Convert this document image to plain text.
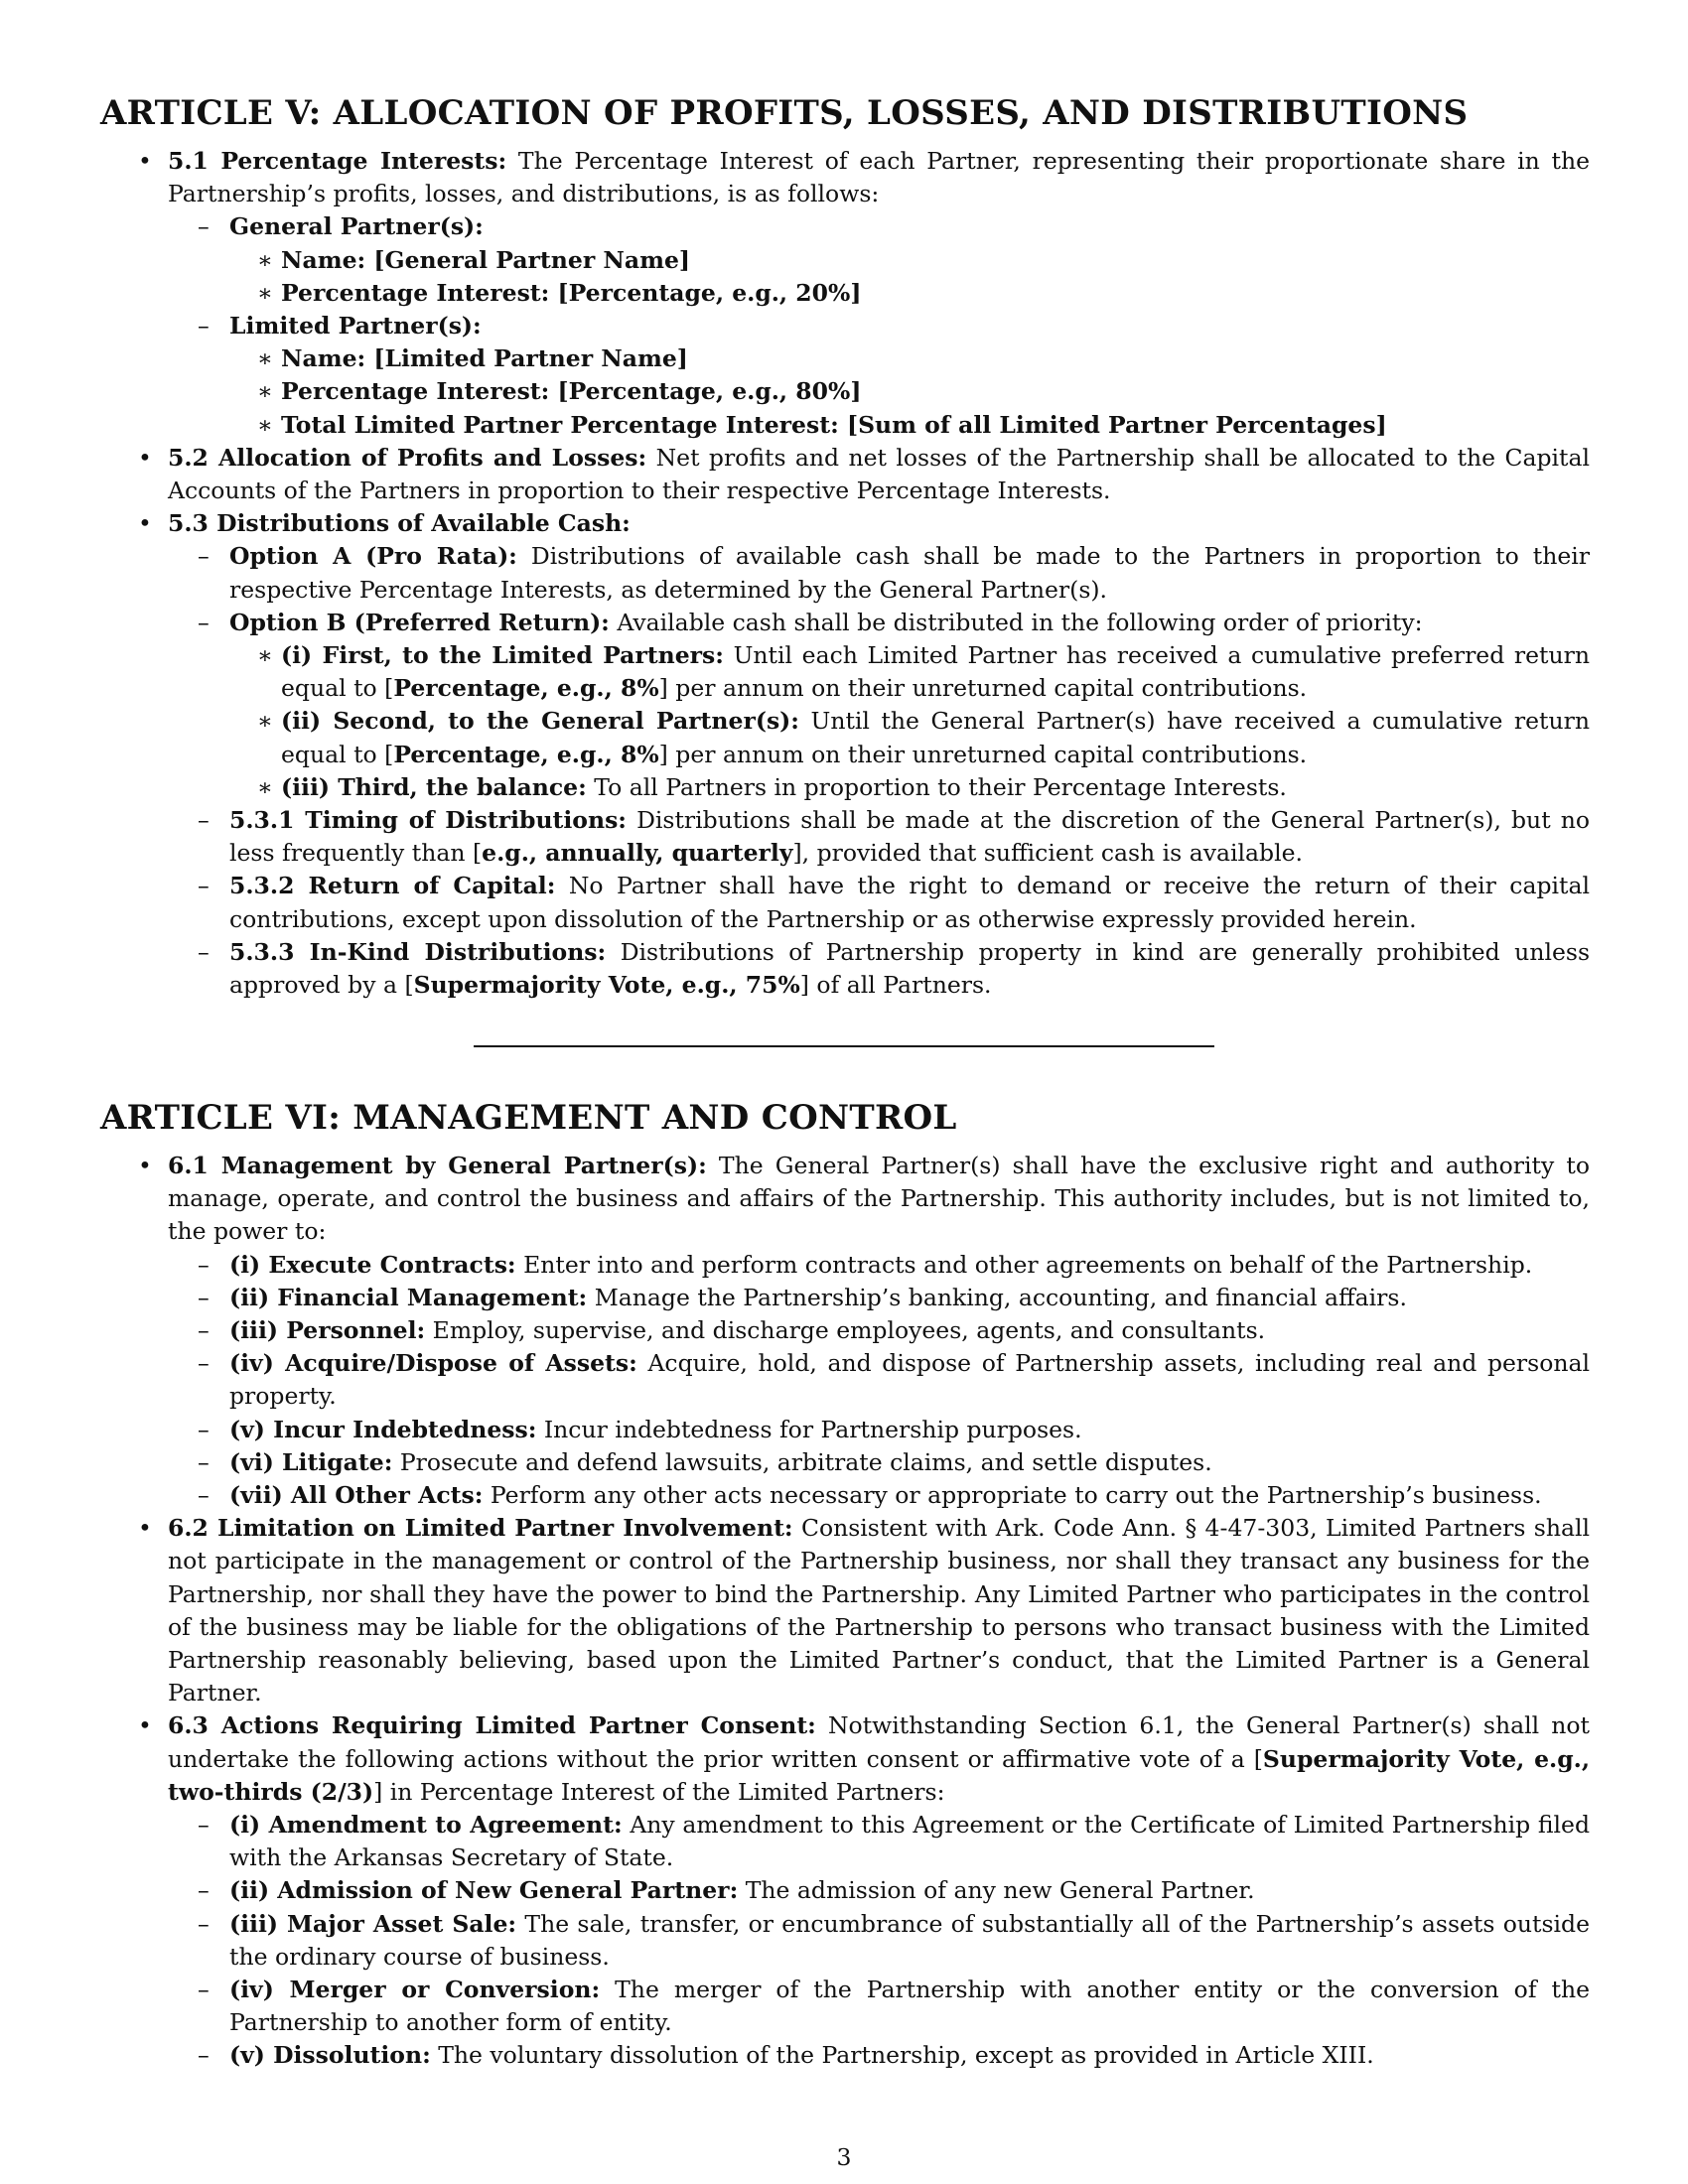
ARTICLE V: ALLOCATION OF PROFITS, LOSSES, AND DISTRIBUTIONS
• 5.1 Percentage Interests: The Percentage Interest of each Partner, representing their proportionate share in the Partnership’s profits, losses, and distributions, is as follows:
– General Partner(s):
∗ Name: [General Partner Name]
∗ Percentage Interest: [Percentage, e.g., 20%]
– Limited Partner(s):
∗ Name: [Limited Partner Name]
∗ Percentage Interest: [Percentage, e.g., 80%]
∗ Total Limited Partner Percentage Interest: [Sum of all Limited Partner Percentages]
• 5.2 Allocation of Profits and Losses: Net profits and net losses of the Partnership shall be allocated to the Capital Accounts of the Partners in proportion to their respective Percentage Interests.
• 5.3 Distributions of Available Cash:
– Option A (Pro Rata): Distributions of available cash shall be made to the Partners in proportion to their respective Percentage Interests, as determined by the General Partner(s).
– Option B (Preferred Return): Available cash shall be distributed in the following order of priority:
∗ (i) First, to the Limited Partners: Until each Limited Partner has received a cumulative preferred return equal to [Percentage, e.g., 8%] per annum on their unreturned capital contributions.
∗ (ii) Second, to the General Partner(s): Until the General Partner(s) have received a cumulative return equal to [Percentage, e.g., 8%] per annum on their unreturned capital contributions.
∗ (iii) Third, the balance: To all Partners in proportion to their Percentage Interests.
– 5.3.1 Timing of Distributions: Distributions shall be made at the discretion of the General Partner(s), but no less frequently than [e.g., annually, quarterly], provided that sufficient cash is available.
– 5.3.2 Return of Capital: No Partner shall have the right to demand or receive the return of their capital contributions, except upon dissolution of the Partnership or as otherwise expressly provided herein.
– 5.3.3 In-Kind Distributions: Distributions of Partnership property in kind are generally prohibited unless approved by a [Supermajority Vote, e.g., 75%] of all Partners.
ARTICLE VI: MANAGEMENT AND CONTROL
• 6.1 Management by General Partner(s): The General Partner(s) shall have the exclusive right and authority to manage, operate, and control the business and affairs of the Partnership. This authority includes, but is not limited to, the power to:
– (i) Execute Contracts: Enter into and perform contracts and other agreements on behalf of the Partnership.
– (ii) Financial Management: Manage the Partnership’s banking, accounting, and financial affairs.
– (iii) Personnel: Employ, supervise, and discharge employees, agents, and consultants.
– (iv) Acquire/Dispose of Assets: Acquire, hold, and dispose of Partnership assets, including real and personal property.
– (v) Incur Indebtedness: Incur indebtedness for Partnership purposes.
– (vi) Litigate: Prosecute and defend lawsuits, arbitrate claims, and settle disputes.
– (vii) All Other Acts: Perform any other acts necessary or appropriate to carry out the Partnership’s business.
• 6.2 Limitation on Limited Partner Involvement: Consistent with Ark. Code Ann. § 4-47-303, Limited Partners shall not participate in the management or control of the Partnership business, nor shall they transact any business for the Partnership, nor shall they have the power to bind the Partnership. Any Limited Partner who participates in the control of the business may be liable for the obligations of the Partnership to persons who transact business with the Limited Partnership reasonably believing, based upon the Limited Partner’s conduct, that the Limited Partner is a General Partner.
• 6.3 Actions Requiring Limited Partner Consent: Notwithstanding Section 6.1, the General Partner(s) shall not undertake the following actions without the prior written consent or affirmative vote of a [Supermajority Vote, e.g., two-thirds (2/3)] in Percentage Interest of the Limited Partners:
– (i) Amendment to Agreement: Any amendment to this Agreement or the Certificate of Limited Partnership filed with the Arkansas Secretary of State.
– (ii) Admission of New General Partner: The admission of any new General Partner.
– (iii) Major Asset Sale: The sale, transfer, or encumbrance of substantially all of the Partnership’s assets outside the ordinary course of business.
– (iv) Merger or Conversion: The merger of the Partnership with another entity or the conversion of the Partnership to another form of entity.
– (v) Dissolution: The voluntary dissolution of the Partnership, except as provided in Article XIII.
3
